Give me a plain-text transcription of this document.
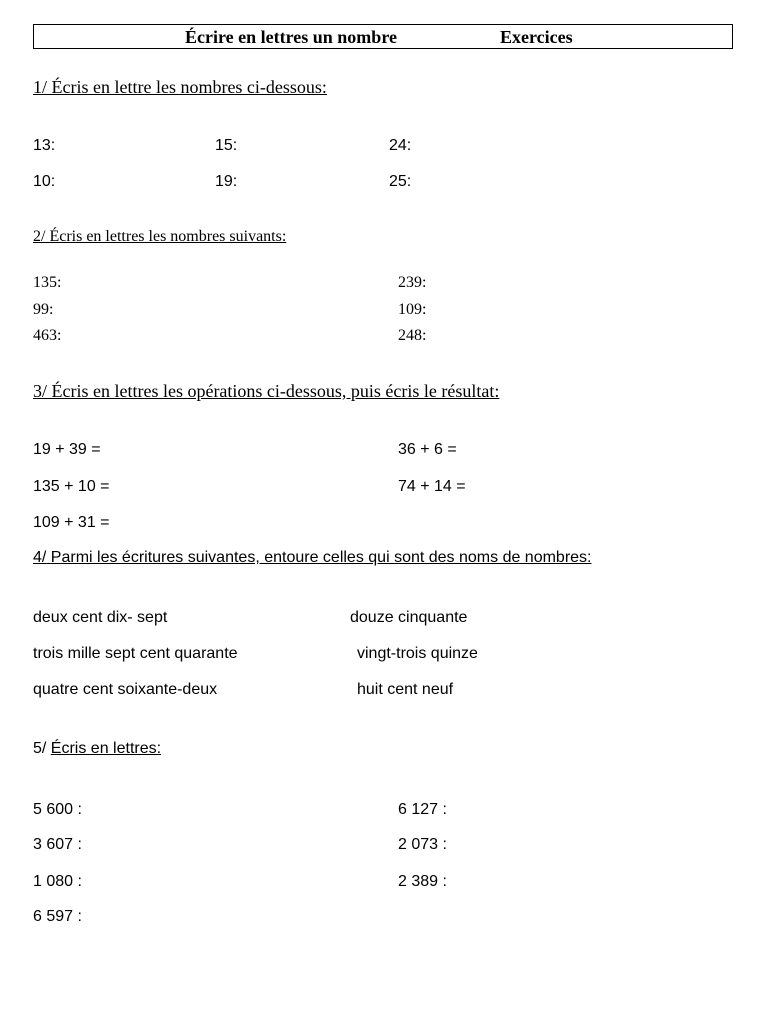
Écrire en lettres un nombre	Exercices
1/ Écris en lettre les nombres ci-dessous:
13:	15:	24:
10:	19:	25:
2/ Écris en lettres les nombres suivants:
135:	239:
99:	109:
463:	248:
3/ Écris en lettres les opérations ci-dessous, puis écris le résultat:
19 + 39 =	36 + 6 =
135 + 10 =	74 + 14 =
109 + 31 =
4/ Parmi les écritures suivantes, entoure celles qui sont des noms de nombres:
deux cent dix- sept	douze cinquante
trois mille sept cent quarante	vingt-trois quinze
quatre cent soixante-deux	huit cent neuf
5/ Écris en lettres:
5 600 :	6 127 :
3 607 :	2 073 :
1 080 :	2 389 :
6 597 :
